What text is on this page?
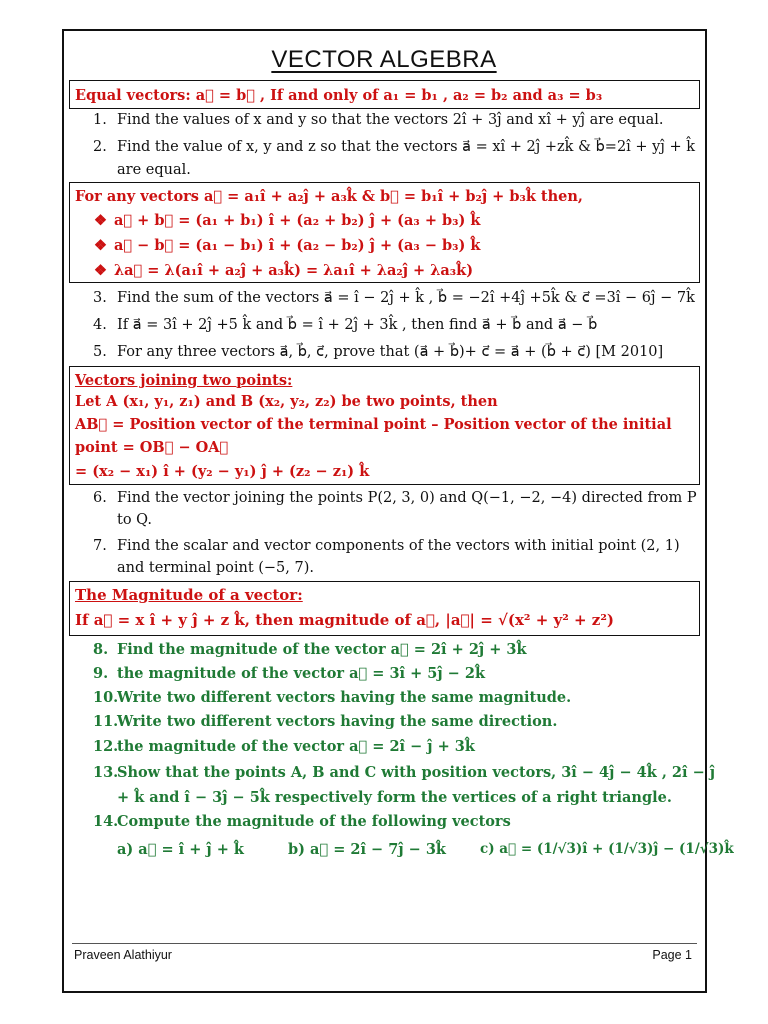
VECTOR ALGEBRA
Equal vectors: a⃗ = b⃗ , If and only of a₁ = b₁ , a₂ = b₂ and a₃ = b₃
1. Find the values of x and y so that the vectors 2î + 3ĵ and xî + yĵ are equal.
2. Find the value of x, y and z so that the vectors a⃗ = xî + 2ĵ +zk̂ & b⃗=2î + yĵ + k̂
are equal.
For any vectors a⃗ = a₁î + a₂ĵ + a₃k̂ & b⃗ = b₁î + b₂ĵ + b₃k̂ then,
❖ a⃗ + b⃗ = (a₁ + b₁) î + (a₂ + b₂) ĵ + (a₃ + b₃) k̂
❖ a⃗ − b⃗ = (a₁ − b₁) î + (a₂ − b₂) ĵ + (a₃ − b₃) k̂
❖ λa⃗ = λ(a₁î + a₂ĵ + a₃k̂) = λa₁î + λa₂ĵ + λa₃k̂)
3. Find the sum of the vectors a⃗ = î − 2ĵ + k̂ , b⃗ = −2î +4ĵ +5k̂ & c⃗ =3î − 6ĵ − 7k̂
4. If a⃗ = 3î + 2ĵ +5 k̂ and b⃗ = î + 2ĵ + 3k̂ , then find a⃗ + b⃗ and a⃗ − b⃗
5. For any three vectors a⃗, b⃗, c⃗, prove that (a⃗ + b⃗)+ c⃗ = a⃗ + (b⃗ + c⃗) [M 2010]
Vectors joining two points:
Let A (x₁, y₁, z₁) and B (x₂, y₂, z₂) be two points, then
AB⃗ = Position vector of the terminal point – Position vector of the initial
point = OB⃗ − OA⃗
= (x₂ − x₁) î + (y₂ − y₁) ĵ + (z₂ − z₁) k̂
6. Find the vector joining the points P(2, 3, 0) and Q(−1, −2, −4) directed from P
to Q.
7. Find the scalar and vector components of the vectors with initial point (2, 1)
and terminal point (−5, 7).
The Magnitude of a vector:
If a⃗ = x î + y ĵ + z k̂, then magnitude of a⃗, |a⃗| = √(x² + y² + z²)
8. Find the magnitude of the vector a⃗ = 2î + 2ĵ + 3k̂
9. the magnitude of the vector a⃗ = 3î + 5ĵ − 2k̂
10.Write two different vectors having the same magnitude.
11.Write two different vectors having the same direction.
12.the magnitude of the vector a⃗ = 2î − ĵ + 3k̂
13.Show that the points A, B and C with position vectors, 3î − 4ĵ − 4k̂ , 2î − ĵ
+ k̂ and î − 3ĵ − 5k̂ respectively form the vertices of a right triangle.
14.Compute the magnitude of the following vectors
a) a⃗ = î + ĵ + k̂	b) a⃗ = 2î − 7ĵ − 3k̂	c) a⃗ = (1/√3)î + (1/√3)ĵ − (1/√3)k̂
Praveen Alathiyur	Page 1
